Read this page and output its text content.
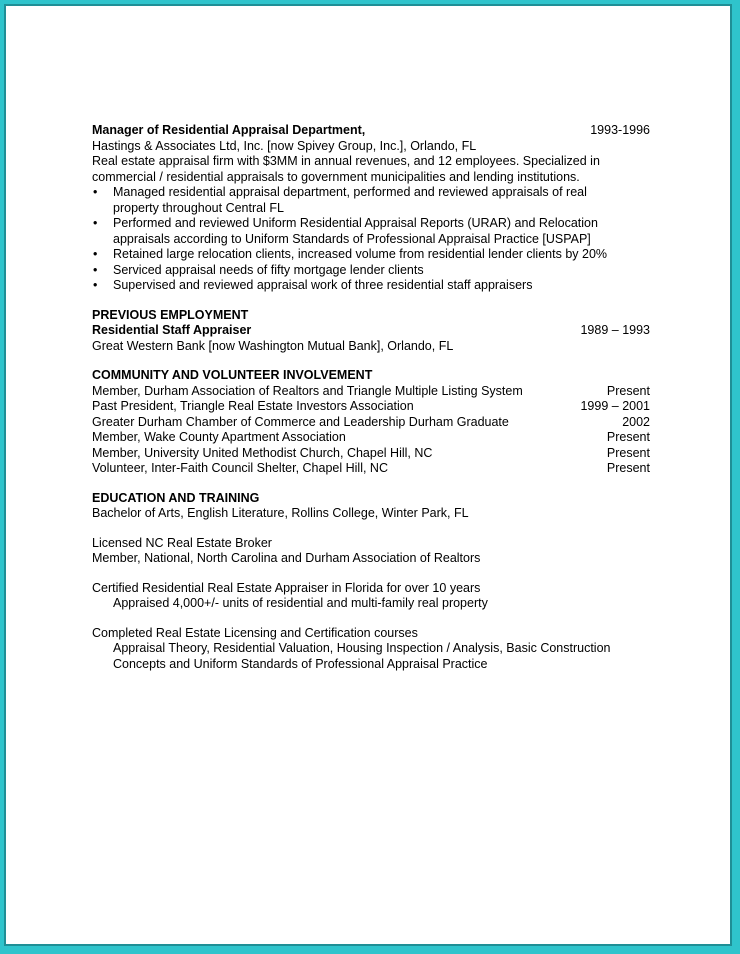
Manager of Residential Appraisal Department,	1993-1996
Hastings & Associates Ltd, Inc. [now Spivey Group, Inc.], Orlando, FL
Real estate appraisal firm with $3MM in annual revenues, and 12 employees. Specialized in
commercial / residential appraisals to government municipalities and lending institutions.
• Managed residential appraisal department, performed and reviewed appraisals of real
property throughout Central FL
• Performed and reviewed Uniform Residential Appraisal Reports (URAR) and Relocation
appraisals according to Uniform Standards of Professional Appraisal Practice [USPAP]
• Retained large relocation clients, increased volume from residential lender clients by 20%
• Serviced appraisal needs of fifty mortgage lender clients
• Supervised and reviewed appraisal work of three residential staff appraisers
PREVIOUS EMPLOYMENT
Residential Staff Appraiser	1989 – 1993
Great Western Bank [now Washington Mutual Bank], Orlando, FL
COMMUNITY AND VOLUNTEER INVOLVEMENT
Member, Durham Association of Realtors and Triangle Multiple Listing System	Present
Past President, Triangle Real Estate Investors Association	1999 – 2001
Greater Durham Chamber of Commerce and Leadership Durham Graduate	2002
Member, Wake County Apartment Association	Present
Member, University United Methodist Church, Chapel Hill, NC	Present
Volunteer, Inter-Faith Council Shelter, Chapel Hill, NC	Present
EDUCATION AND TRAINING
Bachelor of Arts, English Literature, Rollins College, Winter Park, FL
Licensed NC Real Estate Broker
Member, National, North Carolina and Durham Association of Realtors
Certified Residential Real Estate Appraiser in Florida for over 10 years
Appraised 4,000+/- units of residential and multi-family real property
Completed Real Estate Licensing and Certification courses
Appraisal Theory, Residential Valuation, Housing Inspection / Analysis, Basic Construction
Concepts and Uniform Standards of Professional Appraisal Practice
